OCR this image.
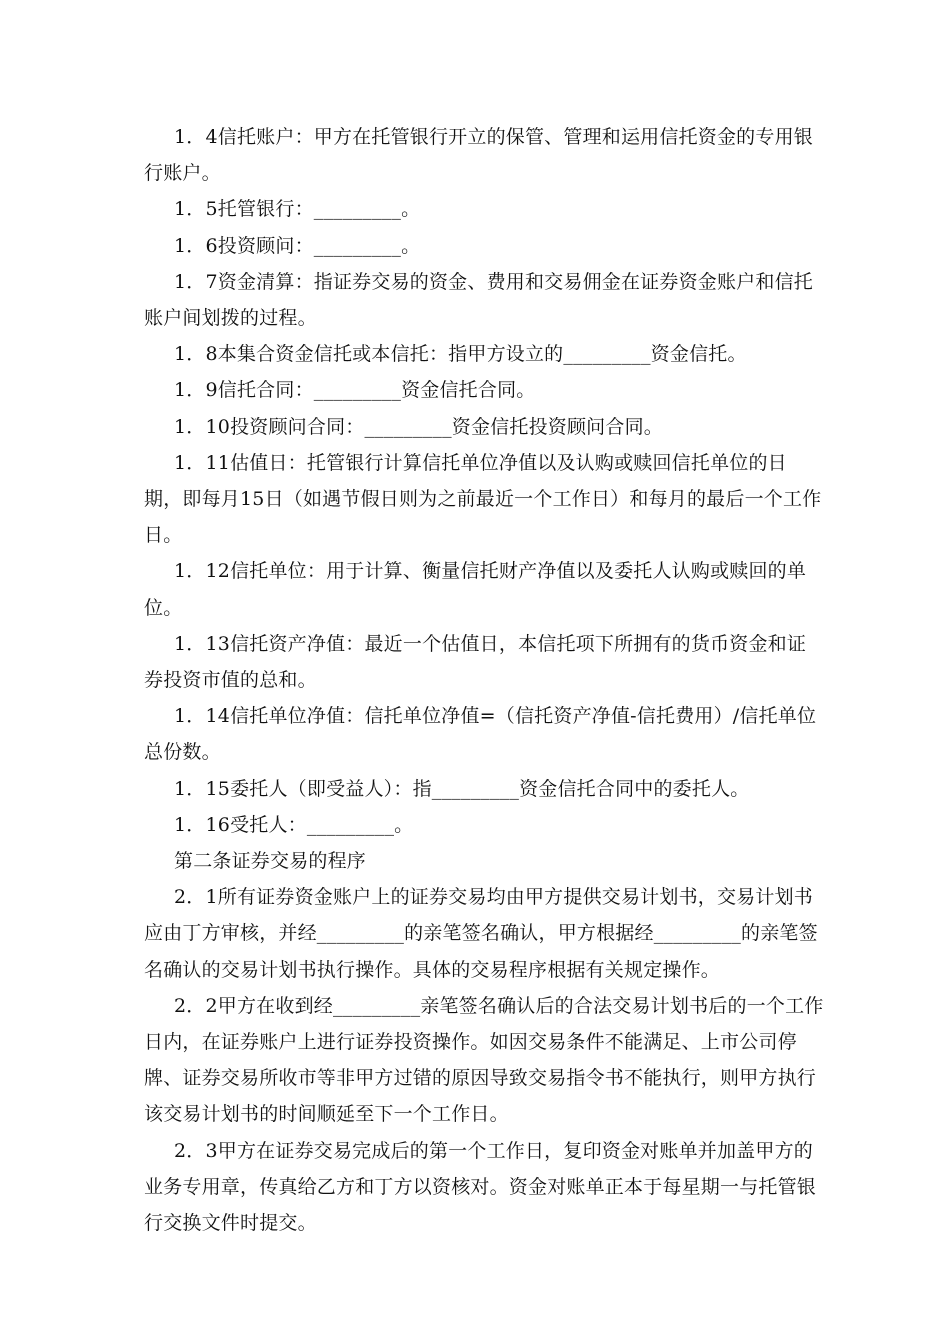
1．4信托账户：甲方在托管银行开立的保管、管理和运用信托资金的专用银行账户。

1．5托管银行：_________。

1．6投资顾问：_________。

1．7资金清算：指证券交易的资金、费用和交易佣金在证券资金账户和信托账户间划拨的过程。

1．8本集合资金信托或本信托：指甲方设立的_________资金信托。

1．9信托合同：_________资金信托合同。

1．10投资顾问合同：_________资金信托投资顾问合同。

1．11估值日：托管银行计算信托单位净值以及认购或赎回信托单位的日期，即每月15日（如遇节假日则为之前最近一个工作日）和每月的最后一个工作日。

1．12信托单位：用于计算、衡量信托财产净值以及委托人认购或赎回的单位。

1．13信托资产净值：最近一个估值日，本信托项下所拥有的货币资金和证券投资市值的总和。

1．14信托单位净值：信托单位净值=（信托资产净值-信托费用）/信托单位总份数。

1．15委托人（即受益人）：指_________资金信托合同中的委托人。

1．16受托人：_________。

第二条证券交易的程序

2．1所有证券资金账户上的证券交易均由甲方提供交易计划书，交易计划书应由丁方审核，并经_________的亲笔签名确认，甲方根据经_________的亲笔签名确认的交易计划书执行操作。具体的交易程序根据有关规定操作。

2．2甲方在收到经_________亲笔签名确认后的合法交易计划书后的一个工作日内，在证券账户上进行证券投资操作。如因交易条件不能满足、上市公司停牌、证券交易所收市等非甲方过错的原因导致交易指令书不能执行，则甲方执行该交易计划书的时间顺延至下一个工作日。

2．3甲方在证券交易完成后的第一个工作日，复印资金对账单并加盖甲方的业务专用章，传真给乙方和丁方以资核对。资金对账单正本于每星期一与托管银行交换文件时提交。
